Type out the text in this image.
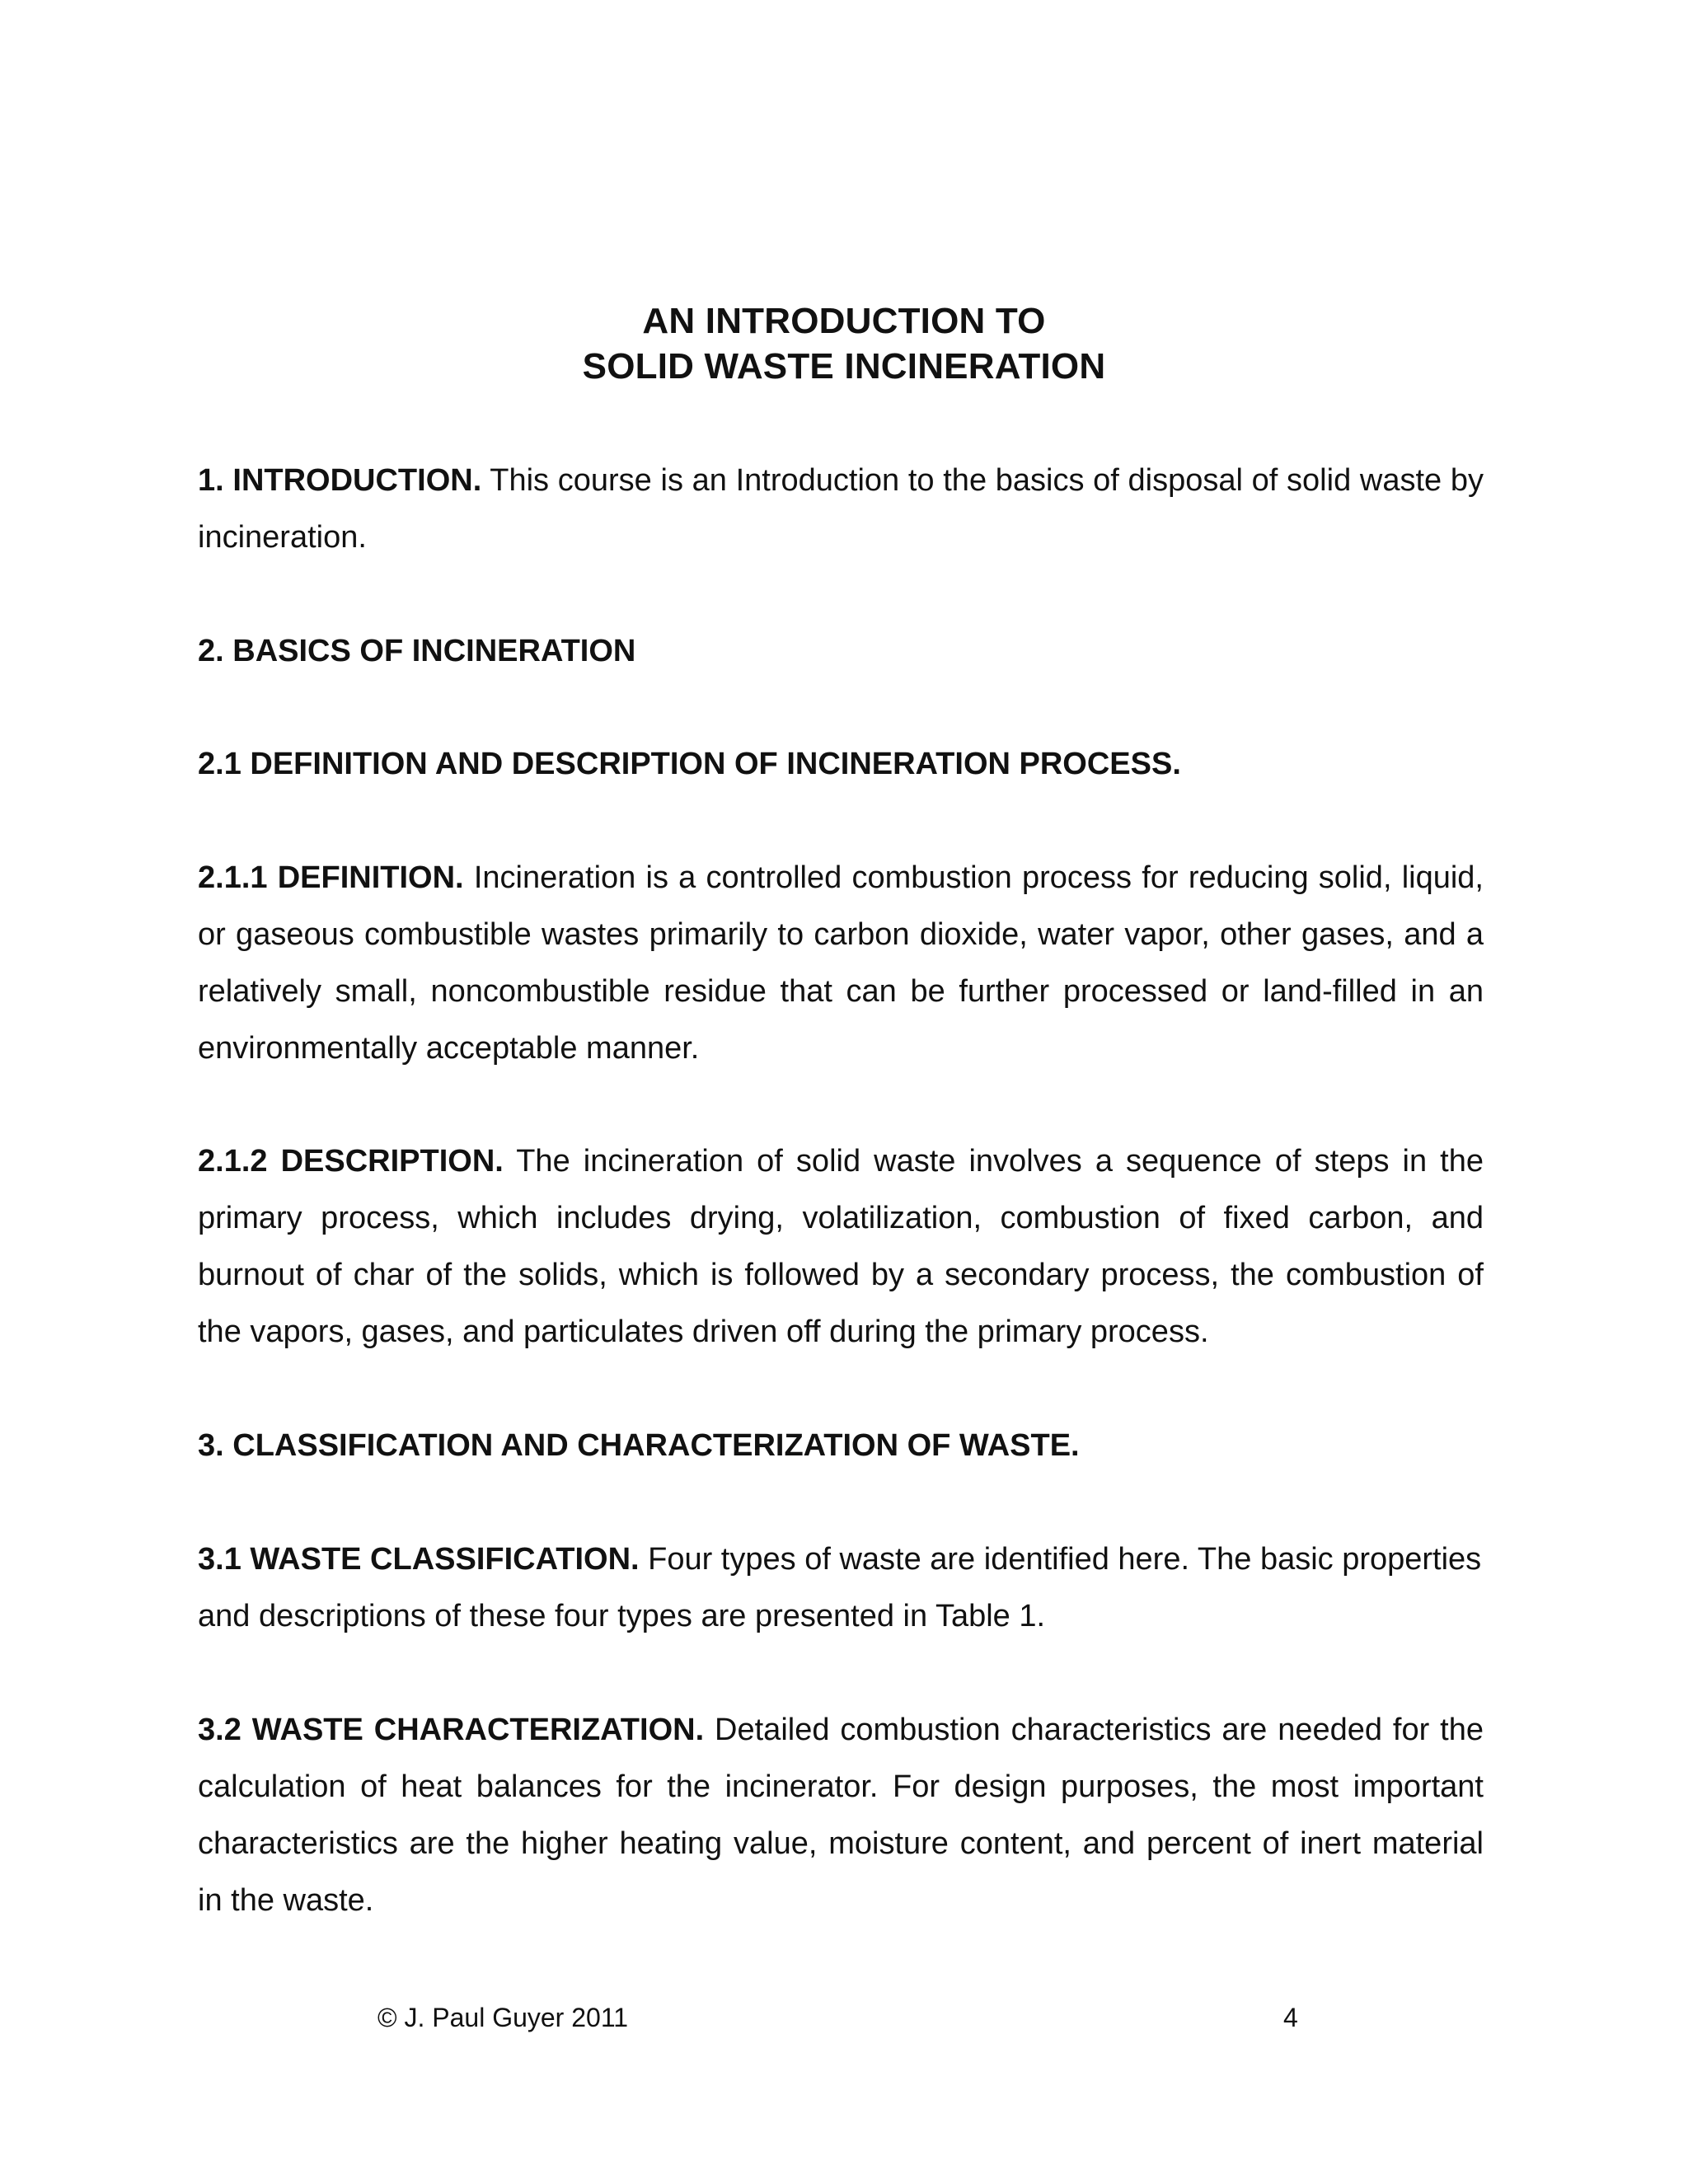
AN INTRODUCTION TO
SOLID WASTE INCINERATION
1. INTRODUCTION. This course is an Introduction to the basics of disposal of solid waste by incineration.
2. BASICS OF INCINERATION
2.1 DEFINITION AND DESCRIPTION OF INCINERATION PROCESS.
2.1.1 DEFINITION. Incineration is a controlled combustion process for reducing solid, liquid, or gaseous combustible wastes primarily to carbon dioxide, water vapor, other gases, and a relatively small, noncombustible residue that can be further processed or land-filled in an environmentally acceptable manner.
2.1.2 DESCRIPTION. The incineration of solid waste involves a sequence of steps in the primary process, which includes drying, volatilization, combustion of fixed carbon, and burnout of char of the solids, which is followed by a secondary process, the combustion of the vapors, gases, and particulates driven off during the primary process.
3. CLASSIFICATION AND CHARACTERIZATION OF WASTE.
3.1 WASTE CLASSIFICATION. Four types of waste are identified here. The basic properties and descriptions of these four types are presented in Table 1.
3.2 WASTE CHARACTERIZATION. Detailed combustion characteristics are needed for the calculation of heat balances for the incinerator. For design purposes, the most important characteristics are the higher heating value, moisture content, and percent of inert material in the waste.
© J. Paul Guyer 2011	4
